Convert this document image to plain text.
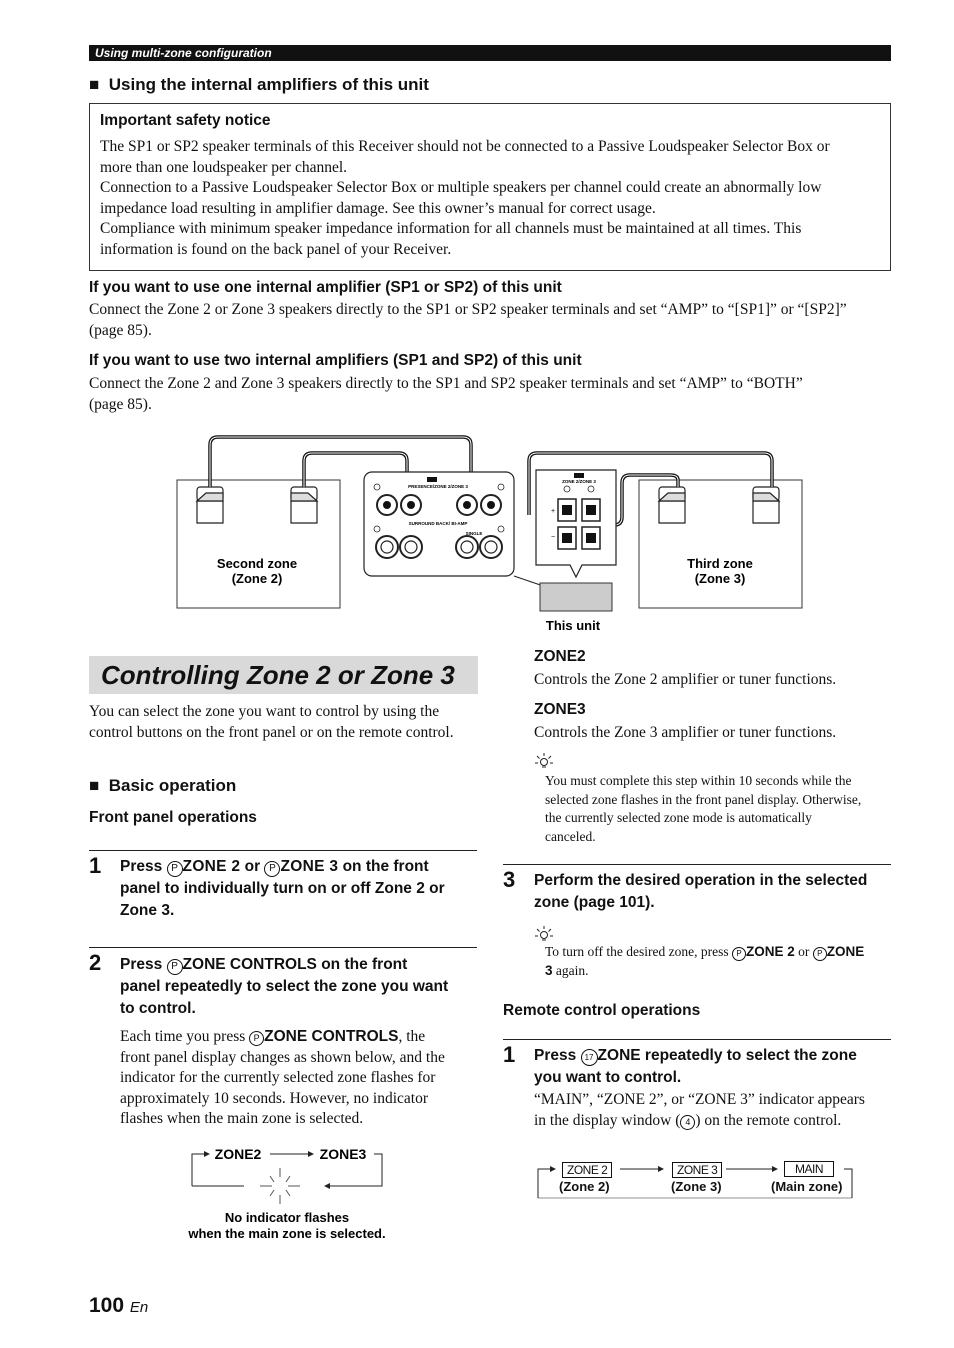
Using multi-zone configuration
■ Using the internal amplifiers of this unit
Important safety notice
The SP1 or SP2 speaker terminals of this Receiver should not be connected to a Passive Loudspeaker Selector Box or
more than one loudspeaker per channel.
Connection to a Passive Loudspeaker Selector Box or multiple speakers per channel could create an abnormally low
impedance load resulting in amplifier damage. See this owner’s manual for correct usage.
Compliance with minimum speaker impedance information for all channels must be maintained at all times. This
information is found on the back panel of your Receiver.
If you want to use one internal amplifier (SP1 or SP2) of this unit
Connect the Zone 2 or Zone 3 speakers directly to the SP1 or SP2 speaker terminals and set “AMP” to “[SP1]” or “[SP2]”
(page 85).
If you want to use two internal amplifiers (SP1 and SP2) of this unit
Connect the Zone 2 and Zone 3 speakers directly to the SP1 and SP2 speaker terminals and set “AMP” to “BOTH”
(page 85).
PRESENCE/ZONE 2/ZONE 3
SURROUND BACK/ BI-AMP
SINGLE
ZONE 2/ZONE 3
+
−
Second zone
(Zone 2)
Third zone
(Zone 3)
This unit
Controlling Zone 2 or Zone 3
You can select the zone you want to control by using the
control buttons on the front panel or on the remote control.
■ Basic operation
Front panel operations
1 Press P ZONE 2 or P ZONE 3 on the front
panel to individually turn on or off Zone 2 or
Zone 3.
2 Press P ZONE CONTROLS on the front
panel repeatedly to select the zone you want
to control.
Each time you press P ZONE CONTROLS, the
front panel display changes as shown below, and the
indicator for the currently selected zone flashes for
approximately 10 seconds. However, no indicator
flashes when the main zone is selected.
ZONE2	ZONE3
No indicator flashes
when the main zone is selected.
ZONE2
Controls the Zone 2 amplifier or tuner functions.
ZONE3
Controls the Zone 3 amplifier or tuner functions.
You must complete this step within 10 seconds while the
selected zone flashes in the front panel display. Otherwise,
the currently selected zone mode is automatically
canceled.
3 Perform the desired operation in the selected
zone (page 101).
To turn off the desired zone, press P ZONE 2 or P ZONE
3 again.
Remote control operations
1 Press 17 ZONE repeatedly to select the zone
you want to control.
“MAIN”, “ZONE 2”, or “ZONE 3” indicator appears
in the display window ( 4 ) on the remote control.
ZONE 2	ZONE 3	MAIN
(Zone 2)	(Zone 3)	(Main zone)
100 En
